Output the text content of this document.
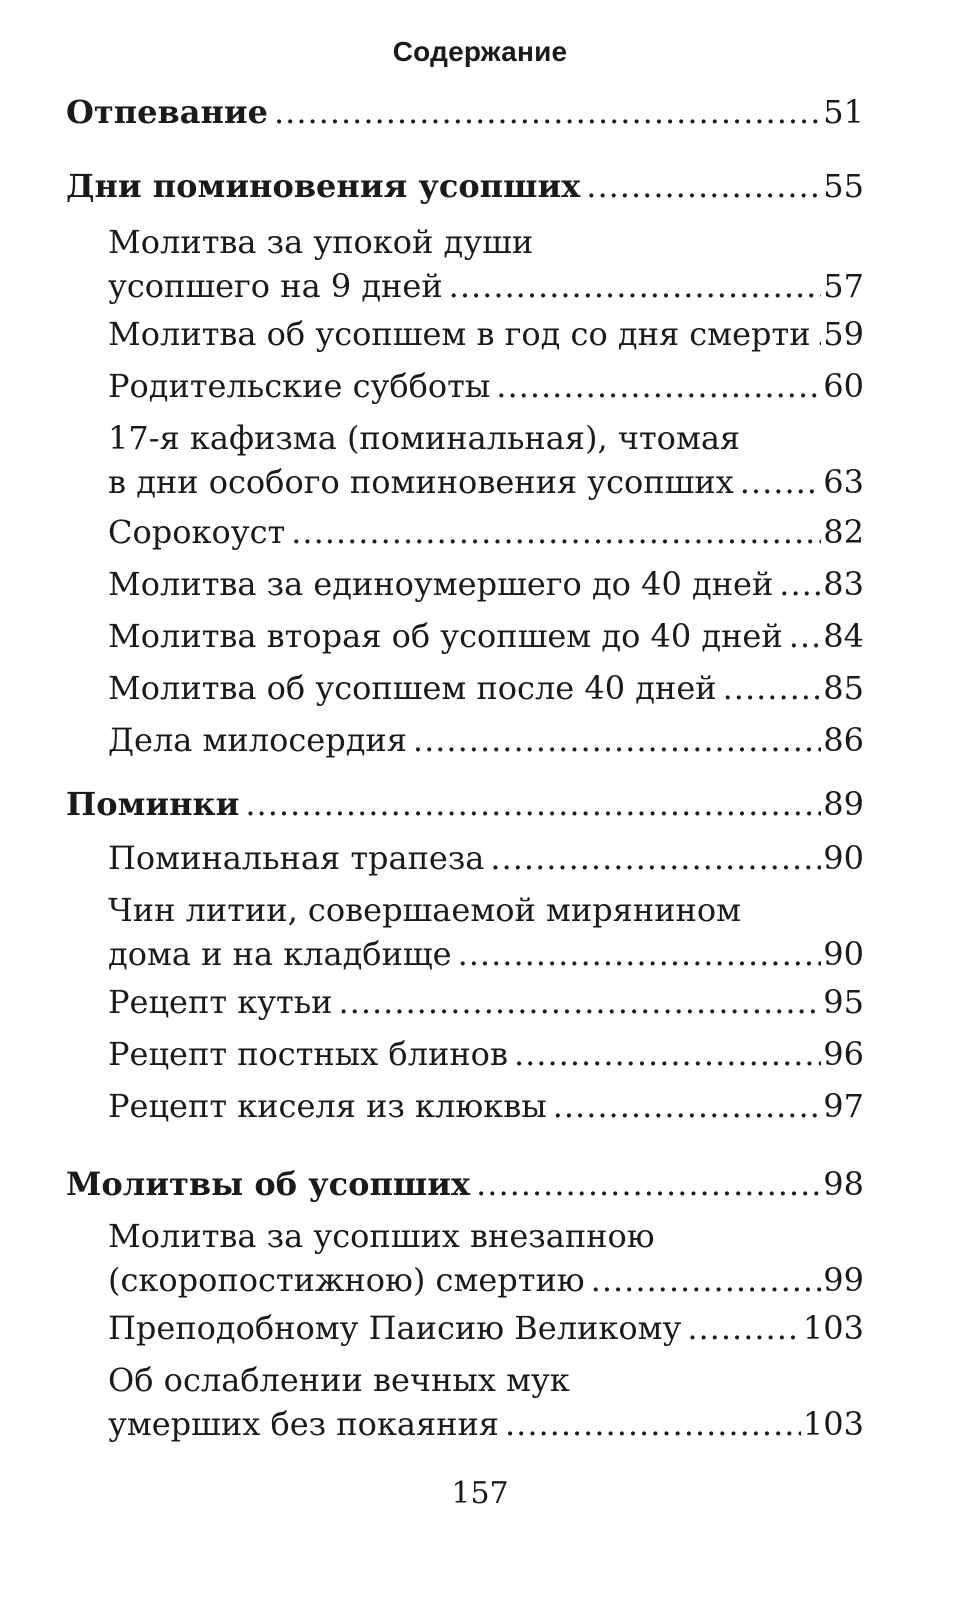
Содержание
Отпевание .....	51
Дни поминовения усопших .....	55
Молитва за упокой души
усопшего на 9 дней .....	57
Молитва об усопшем в год со дня смерти ..... 59
Родительские субботы .....	60
17-я кафизма (поминальная), чтомая
в дни особого поминовения усопших .....	63
Сорокоуст .....	82
Молитва за единоумершего до 40 дней ..... 83
Молитва вторая об усопшем до 40 дней ..... 84
Молитва об усопшем после 40 дней .....	85
Дела милосердия .....	86
Поминки .....	89
Поминальная трапеза .....	90
Чин литии, совершаемой мирянином
дома и на кладбище .....	90
Рецепт кутьи .....	95
Рецепт постных блинов .....	96
Рецепт киселя из клюквы .....	97
Молитвы об усопших .....	98
Молитва за усопших внезапною
(скоропостижною) смертию .....	99
Преподобному Паисию Великому .....	103
Об ослаблении вечных мук
умерших без покаяния .....	103
157
